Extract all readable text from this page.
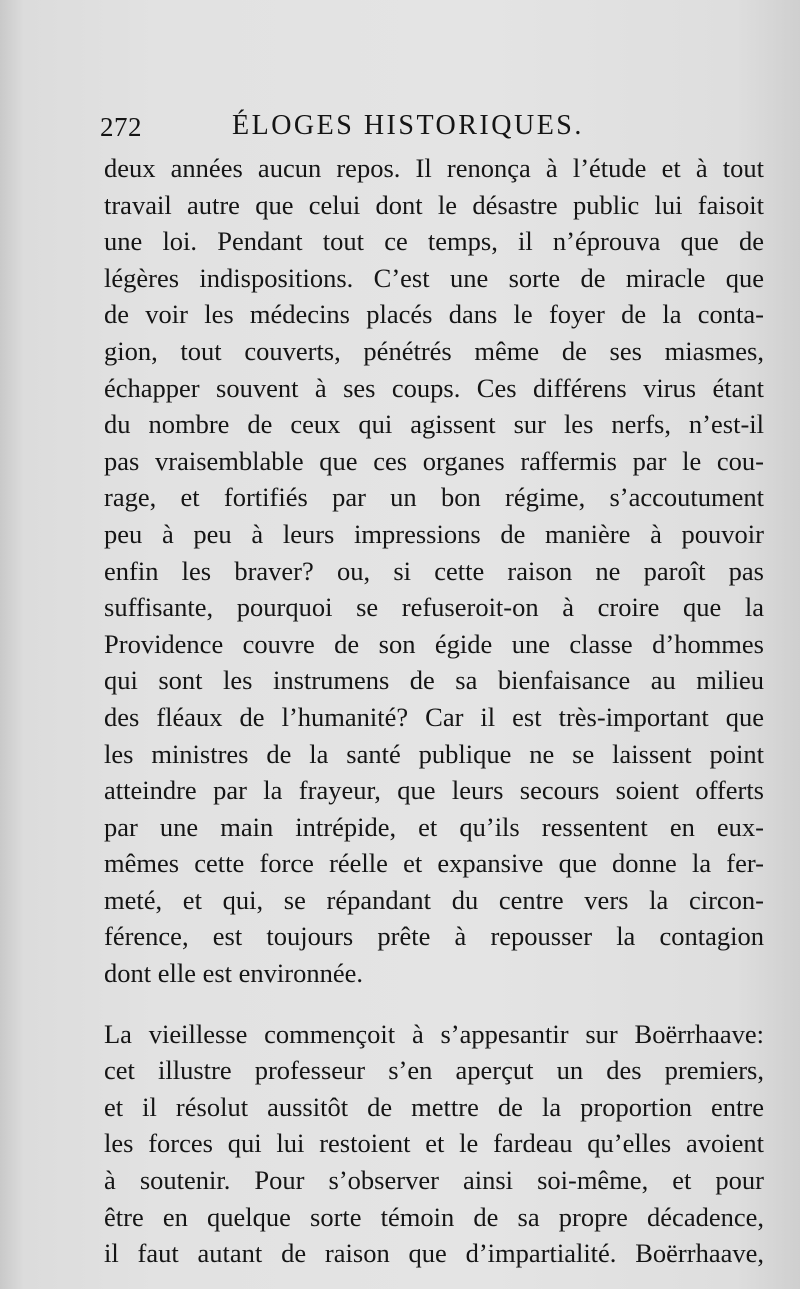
272	ÉLOGES HISTORIQUES.
deux années aucun repos. Il renonça à l’étude et à tout
travail autre que celui dont le désastre public lui faisoit
une loi. Pendant tout ce temps, il n’éprouva que de
légères indispositions. C’est une sorte de miracle que
de voir les médecins placés dans le foyer de la conta-
gion, tout couverts, pénétrés même de ses miasmes,
échapper souvent à ses coups. Ces différens virus étant
du nombre de ceux qui agissent sur les nerfs, n’est-il
pas vraisemblable que ces organes raffermis par le cou-
rage, et fortifiés par un bon régime, s’accoutument
peu à peu à leurs impressions de manière à pouvoir
enfin les braver? ou, si cette raison ne paroît pas
suffisante, pourquoi se refuseroit-on à croire que la
Providence couvre de son égide une classe d’hommes
qui sont les instrumens de sa bienfaisance au milieu
des fléaux de l’humanité? Car il est très-important que
les ministres de la santé publique ne se laissent point
atteindre par la frayeur, que leurs secours soient offerts
par une main intrépide, et qu’ils ressentent en eux-
mêmes cette force réelle et expansive que donne la fer-
meté, et qui, se répandant du centre vers la circon-
férence, est toujours prête à repousser la contagion
dont elle est environnée.
La vieillesse commençoit à s’appesantir sur Boërrhaave:
cet illustre professeur s’en aperçut un des premiers,
et il résolut aussitôt de mettre de la proportion entre
les forces qui lui restoient et le fardeau qu’elles avoient
à soutenir. Pour s’observer ainsi soi-même, et pour
être en quelque sorte témoin de sa propre décadence,
il faut autant de raison que d’impartialité. Boërrhaave,
